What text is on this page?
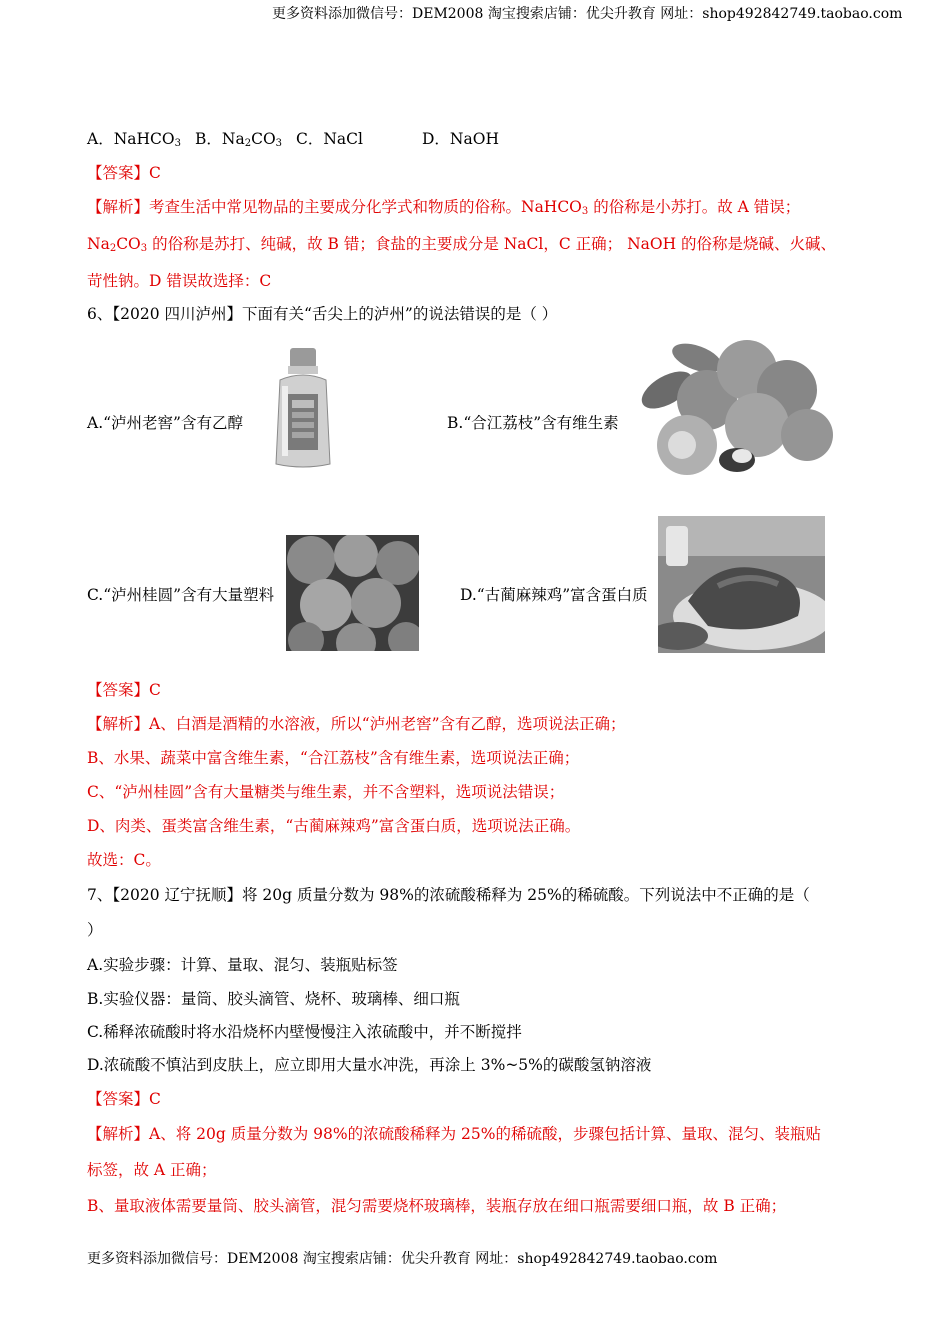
更多资料添加微信号：DEM2008 淘宝搜索店铺：优尖升教育 网址：shop492842749.taobao.com
A．NaHCO$_3$ B．$Na_2CO_3$ C．NaCl	D．NaOH
【答案】C
【解析】考查生活中常见物品的主要成分化学式和物质的俗称。NaHCO$_3$ 的俗称是小苏打。故 A 错误；
$Na_2CO_3$ 的俗称是苏打、纯碱，故 B 错；食盐的主要成分是 NaCl，C 正确； NaOH 的俗称是烧碱、火碱、
苛性钠。D 错误故选择：C
6、【2020 四川泸州】下面有关“舌尖上的泸州”的说法错误的是（ ）
A.“泸州老窖”含有乙醇	B.“合江荔枝”含有维生素
C.“泸州桂圆”含有大量塑料	D.“古蔺麻辣鸡”富含蛋白质
【答案】C
【解析】A、白酒是酒精的水溶液，所以“泸州老窖”含有乙醇，选项说法正确；
B、水果、蔬菜中富含维生素，“合江荔枝”含有维生素，选项说法正确；
C、“泸州桂圆”含有大量糖类与维生素，并不含塑料，选项说法错误；
D、肉类、蛋类富含维生素，“古蔺麻辣鸡”富含蛋白质，选项说法正确。
故选：C。
7、【2020 辽宁抚顺】将 20g 质量分数为 98%的浓硫酸稀释为 25%的稀硫酸。下列说法中不正确的是（
）
A.实验步骤：计算、量取、混匀、装瓶贴标签
B.实验仪器：量筒、胶头滴管、烧杯、玻璃棒、细口瓶
C.稀释浓硫酸时将水沿烧杯内壁慢慢注入浓硫酸中，并不断搅拌
D.浓硫酸不慎沾到皮肤上，应立即用大量水冲洗，再涂上 3%~5%的碳酸氢钠溶液
【答案】C
【解析】A、将 20g 质量分数为 98%的浓硫酸稀释为 25%的稀硫酸，步骤包括计算、量取、混匀、装瓶贴
标签，故 A 正确；
B、量取液体需要量筒、胶头滴管，混匀需要烧杯玻璃棒，装瓶存放在细口瓶需要细口瓶，故 B 正确；
更多资料添加微信号：DEM2008 淘宝搜索店铺：优尖升教育 网址：shop492842749.taobao.com
